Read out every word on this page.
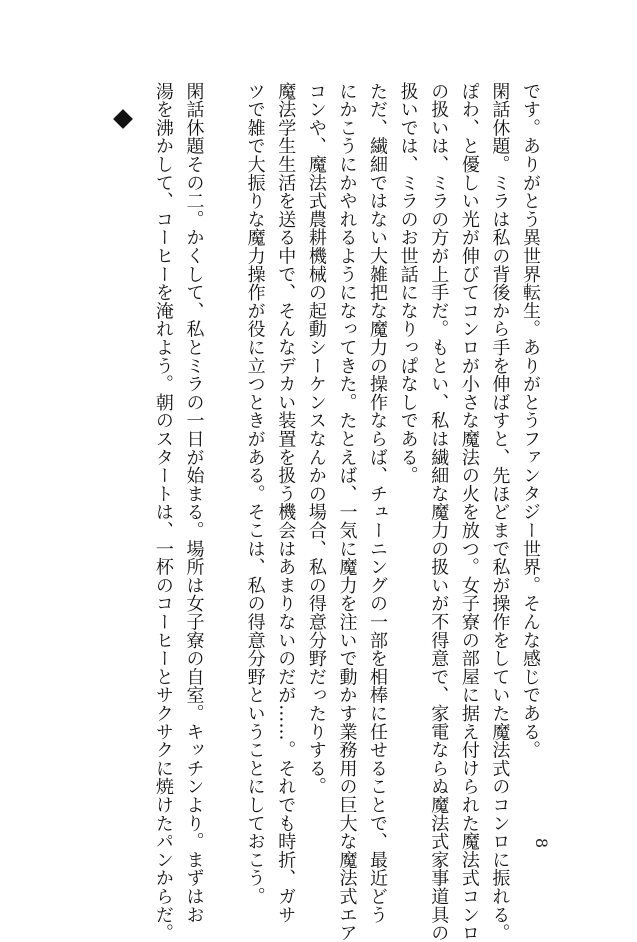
です。ありがとう異世界転生。ありがとうファンタジー世界。そんな感じである。

閑話休題。ミラは私の背後から手を伸ばすと、先ほどまで私が操作をしていた魔法式のコンロに振れる。

ぽわ、と優しい光が伸びてコンロが小さな魔法の火を放つ。女子寮の部屋に据え付けられた魔法式コンロ

の扱いは、ミラの方が上手だ。もとい、私は繊細な魔力の扱いが不得意で、家電ならぬ魔法式家事道具の

扱いでは、ミラのお世話になりっぱなしである。

ただ、繊細ではない大雑把な魔力の操作ならば、チューニングの一部を相棒に任せることで、最近どう

にかこうにかやれるようになってきた。たとえば、一気に魔力を注いで動かす業務用の巨大な魔法式エア

コンや、魔法式農耕機械の起動シーケンスなんかの場合、私の得意分野だったりする。

魔法学生生活を送る中で、そんなデカい装置を扱う機会はあまりないのだが……。それでも時折、ガサ

ツで雑で大振りな魔力操作が役に立つときがある。そこは、私の得意分野ということにしておこう。

閑話休題その二。かくして、私とミラの一日が始まる。場所は女子寮の自室。キッチンより。まずはお

湯を沸かして、コーヒーを淹れよう。朝のスタートは、一杯のコーヒーとサクサクに焼けたパンからだ。	8
